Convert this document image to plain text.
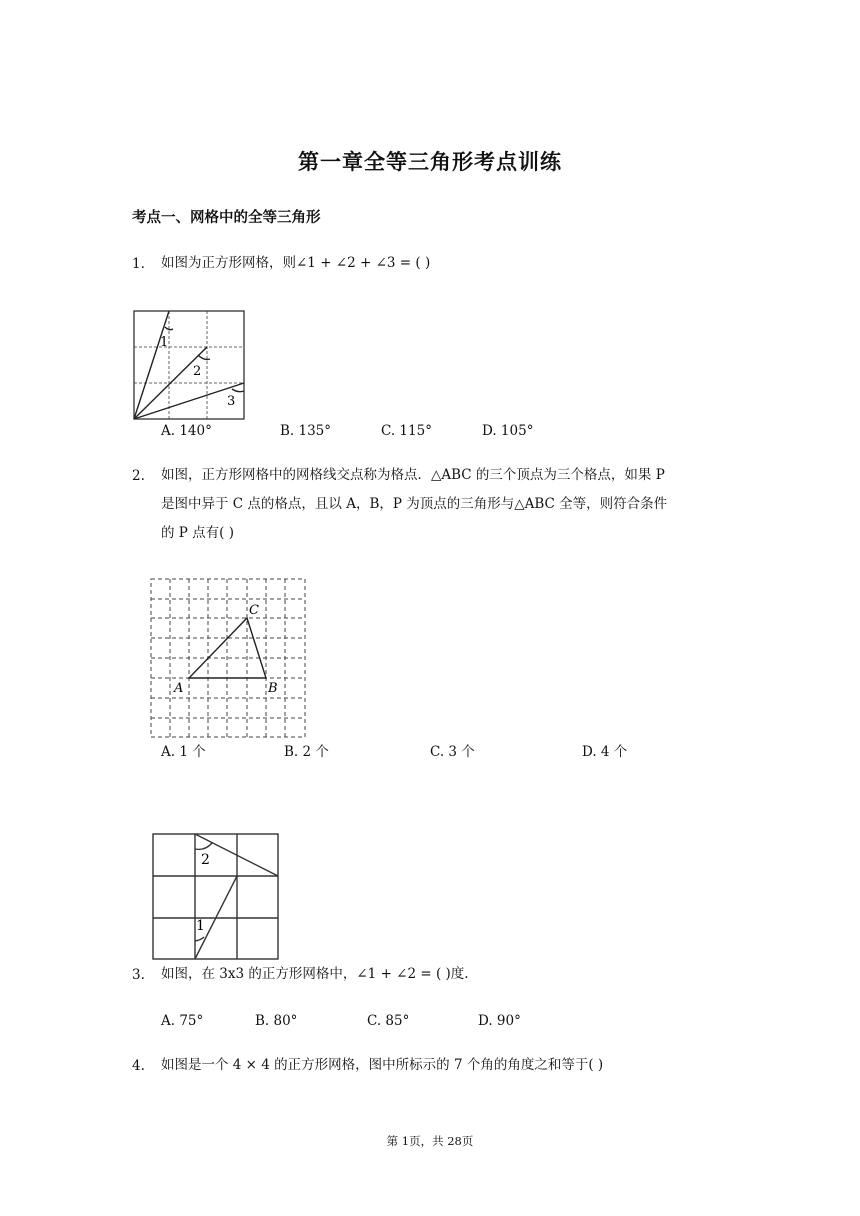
第一章全等三角形考点训练
考点一、网格中的全等三角形
1. 如图为正方形网格，则∠1 + ∠2 + ∠3 = ( )
1
2
3
A. 140°	B. 135°	C. 115°	D. 105°
2. 如图，正方形网格中的网格线交点称为格点．△ABC 的三个顶点为三个格点，如果 P
是图中异于 C 点的格点，且以 A，B，P 为顶点的三角形与△ABC 全等，则符合条件
的 P 点有( )
A	B
C
A. 1 个	B. 2 个	C. 3 个	D. 4 个
2
1
3. 如图，在 3x3 的正方形网格中，∠1 + ∠2 = ( )度.
A. 75°	B. 80°	C. 85°	D. 90°
4. 如图是一个 4 × 4 的正方形网格，图中所标示的 7 个角的角度之和等于( )
第 1页，共 28页
